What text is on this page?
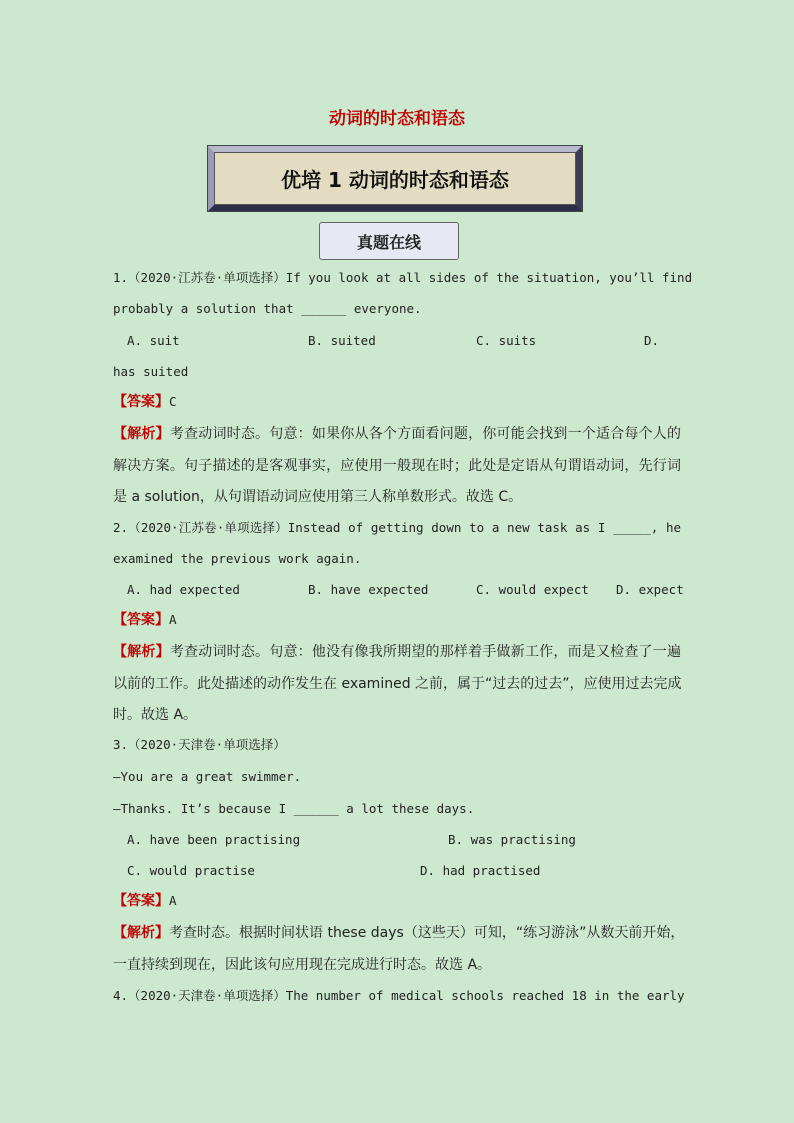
动词的时态和语态
优培 1 动词的时态和语态
真题在线
1.（2020·江苏卷·单项选择）If you look at all sides of the situation, you’ll find
probably a solution that ______ everyone.
A. suit	B. suited	C. suits	D.
has suited
【答案】C
【解析】考查动词时态。句意：如果你从各个方面看问题，你可能会找到一个适合每个人的
解决方案。句子描述的是客观事实，应使用一般现在时；此处是定语从句谓语动词，先行词
是 a solution，从句谓语动词应使用第三人称单数形式。故选 C。
2.（2020·江苏卷·单项选择）Instead of getting down to a new task as I _____, he
examined the previous work again.
A. had expected	B. have expected	C. would expect D. expect
【答案】A
【解析】考查动词时态。句意：他没有像我所期望的那样着手做新工作，而是又检查了一遍
以前的工作。此处描述的动作发生在 examined 之前，属于“过去的过去”，应使用过去完成
时。故选 A。
3.（2020·天津卷·单项选择）
—You are a great swimmer.
—Thanks. It’s because I ______ a lot these days.
A. have been practising	B. was practising
C. would practise	D. had practised
【答案】A
【解析】考查时态。根据时间状语 these days（这些天）可知，“练习游泳”从数天前开始，
一直持续到现在，因此该句应用现在完成进行时态。故选 A。
4.（2020·天津卷·单项选择）The number of medical schools reached 18 in the early
